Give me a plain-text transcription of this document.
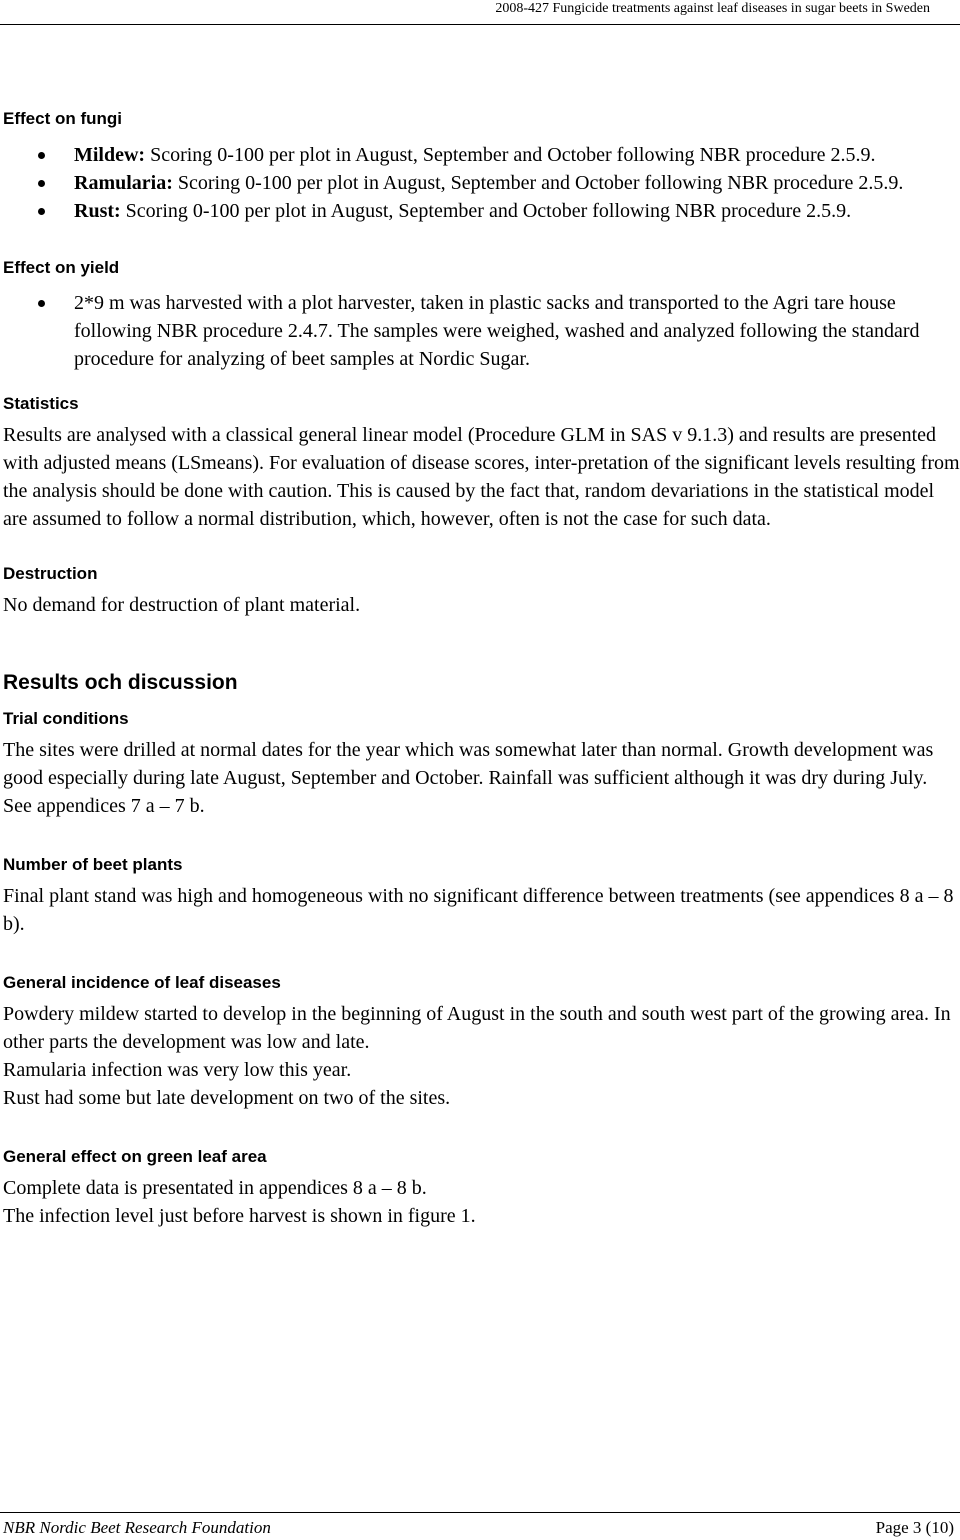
2008-427 Fungicide treatments against leaf diseases in sugar beets in Sweden
Effect on fungi
Mildew: Scoring 0-100 per plot in August, September and October following NBR procedure 2.5.9.
Ramularia: Scoring 0-100 per plot in August, September and October following NBR procedure 2.5.9.
Rust: Scoring 0-100 per plot in August, September and October following NBR procedure 2.5.9.
Effect on yield
2*9 m was harvested with a plot harvester, taken in plastic sacks and transported to the Agri tare house following NBR procedure 2.4.7. The samples were weighed, washed and analyzed following the standard procedure for analyzing of beet samples at Nordic Sugar.
Statistics

Results are analysed with a classical general linear model (Procedure GLM in SAS v 9.1.3) and results are presented with adjusted means (LSmeans). For evaluation of disease scores, inter-pretation of the significant levels resulting from the analysis should be done with caution. This is caused by the fact that, random devariations in the statistical model are assumed to follow a normal distribution, which, however, often is not the case for such data.

Destruction

No demand for destruction of plant material.

Results och discussion
Trial conditions

The sites were drilled at normal dates for the year which was somewhat later than normal. Growth development was good especially during late August, September and October. Rainfall was sufficient although it was dry during July. See appendices 7 a – 7 b.

Number of beet plants

Final plant stand was high and homogeneous with no significant difference between treatments (see appendices 8 a – 8 b).

General incidence of leaf diseases

Powdery mildew started to develop in the beginning of August in the south and south west part of the growing area. In other parts the development was low and late.

Ramularia infection was very low this year.

Rust had some but late development on two of the sites.

General effect on green leaf area

Complete data is presentated in appendices 8 a – 8 b.

The infection level just before harvest is shown in figure 1.

NBR Nordic Beet Research Foundation	Page 3 (10)
